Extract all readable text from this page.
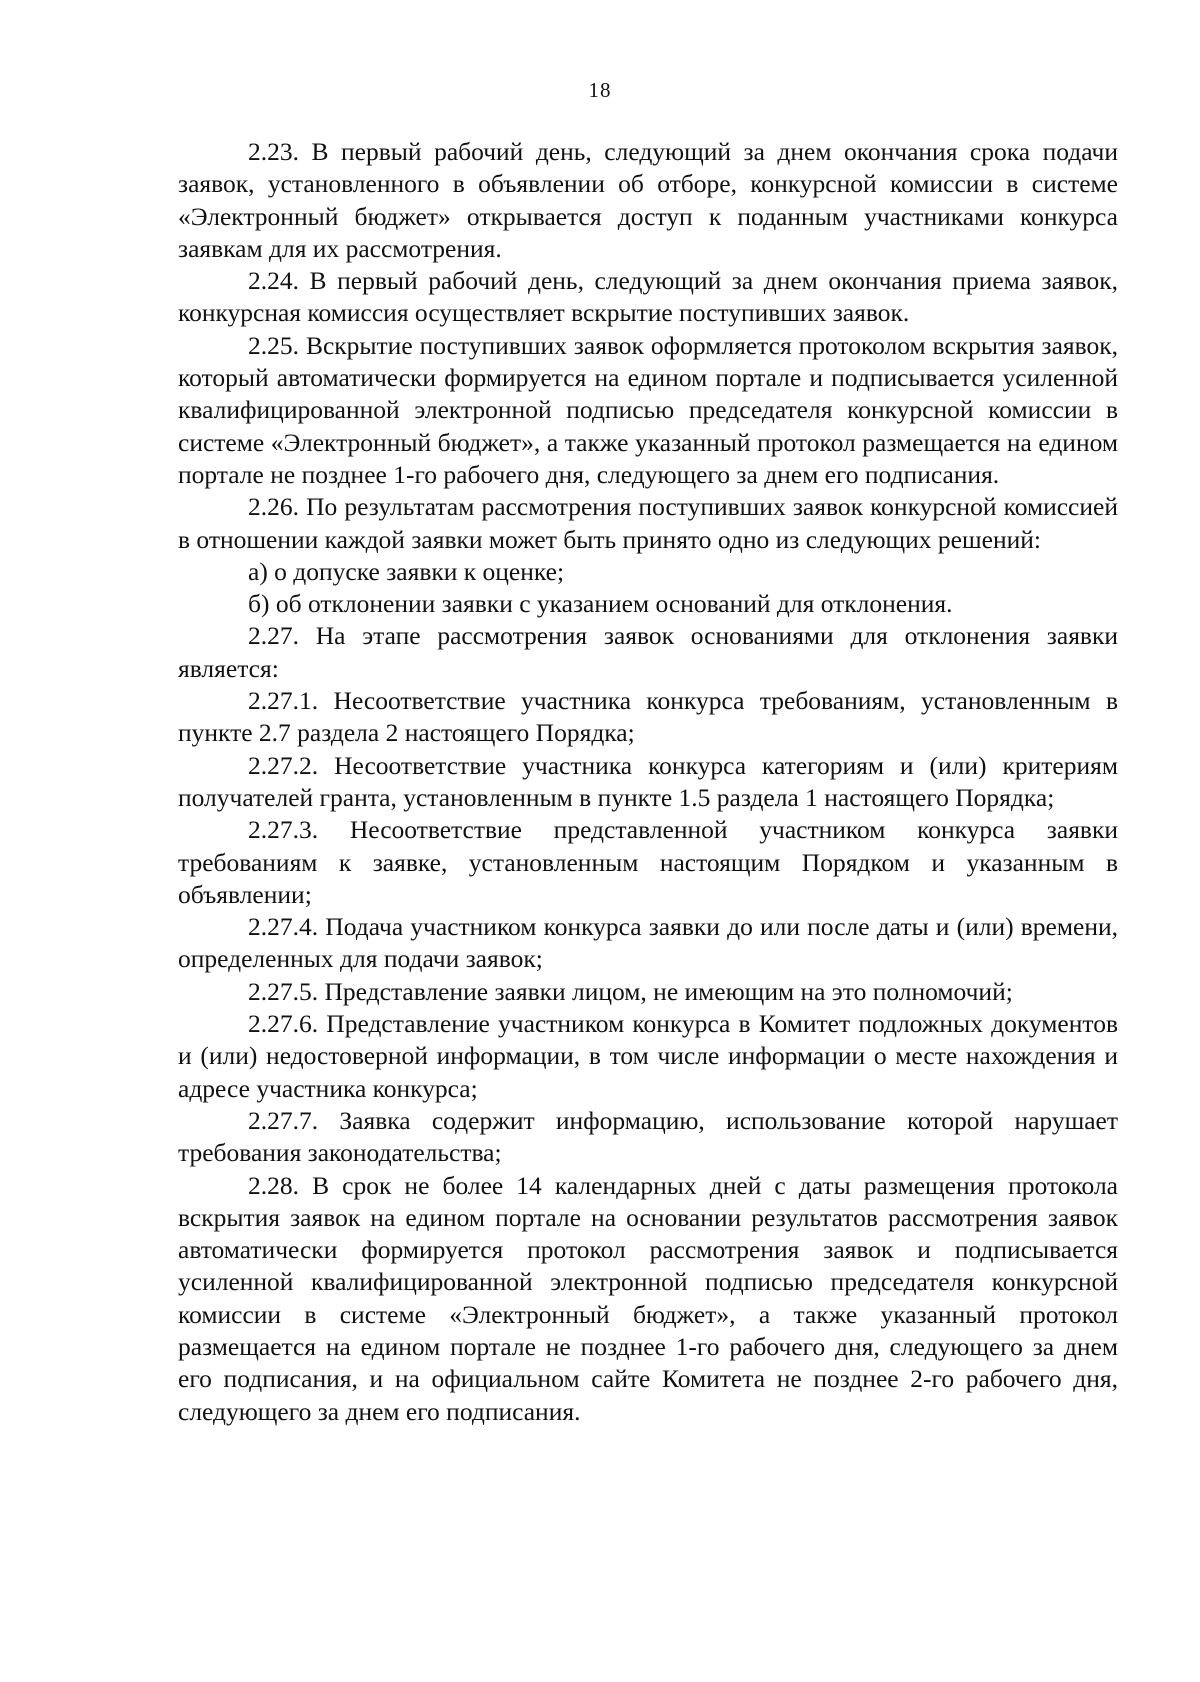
18

2.23. В первый рабочий день, следующий за днем окончания срока подачи заявок, установленного в объявлении об отборе, конкурсной комиссии в системе «Электронный бюджет» открывается доступ к поданным участниками конкурса заявкам для их рассмотрения.

2.24. В первый рабочий день, следующий за днем окончания приема заявок, конкурсная комиссия осуществляет вскрытие поступивших заявок.

2.25. Вскрытие поступивших заявок оформляется протоколом вскрытия заявок, который автоматически формируется на едином портале и подписывается усиленной квалифицированной электронной подписью председателя конкурсной комиссии в системе «Электронный бюджет», а также указанный протокол размещается на едином портале не позднее 1-го рабочего дня, следующего за днем его подписания.

2.26. По результатам рассмотрения поступивших заявок конкурсной комиссией в отношении каждой заявки может быть принято одно из следующих решений:

а) о допуске заявки к оценке;

б) об отклонении заявки с указанием оснований для отклонения.

2.27. На этапе рассмотрения заявок основаниями для отклонения заявки является:

2.27.1. Несоответствие участника конкурса требованиям, установленным в пункте 2.7 раздела 2 настоящего Порядка;

2.27.2. Несоответствие участника конкурса категориям и (или) критериям получателей гранта, установленным в пункте 1.5 раздела 1 настоящего Порядка;

2.27.3. Несоответствие представленной участником конкурса заявки требованиям к заявке, установленным настоящим Порядком и указанным в объявлении;

2.27.4. Подача участником конкурса заявки до или после даты и (или) времени, определенных для подачи заявок;

2.27.5. Представление заявки лицом, не имеющим на это полномочий;

2.27.6. Представление участником конкурса в Комитет подложных документов и (или) недостоверной информации, в том числе информации о месте нахождения и адресе участника конкурса;

2.27.7. Заявка содержит информацию, использование которой нарушает требования законодательства;

2.28. В срок не более 14 календарных дней с даты размещения протокола вскрытия заявок на едином портале на основании результатов рассмотрения заявок автоматически формируется протокол рассмотрения заявок и подписывается усиленной квалифицированной электронной подписью председателя конкурсной комиссии в системе «Электронный бюджет», а также указанный протокол размещается на едином портале не позднее 1-го рабочего дня, следующего за днем его подписания, и на официальном сайте Комитета не позднее 2-го рабочего дня, следующего за днем его подписания.
